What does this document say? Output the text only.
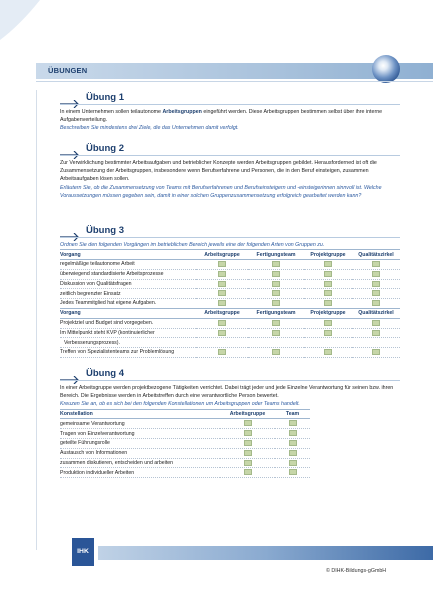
ÜBUNGEN
Übung 1
In einem Unternehmen sollen teilautonome Arbeitsgruppen eingeführt werden. Diese Arbeitsgruppen bestimmen selbst über ihre interne Aufgabenverteilung.
Beschreiben Sie mindestens drei Ziele, die das Unternehmen damit verfolgt.
Übung 2
Zur Verwirklichung bestimmter Arbeitsaufgaben und betrieblicher Konzepte werden Arbeitsgruppen gebildet. Herausforderned ist oft die Zusammensetzung der Arbeitsgruppen, insbesondere wenn Berufserfahrene und Personen, die in den Beruf einsteigen, zusammen Arbeitsaufgaben lösen sollen.
Erläutern Sie, ob die Zusammensetzung von Teams mit Berufserfahrenen und Berufseinsteigern und -einsteigerinnen sinnvoll ist. Welche Voraussetzungen müssen gegeben sein, damit in einer solchen Gruppenzusammensetzung erfolgreich gearbeitet werden kann?
Übung 3
Ordnen Sie den folgenden Vorgängen im betrieblichen Bereich jeweils eine der folgenden Arten von Gruppen zu.
Vorgang	Arbeitsgruppe	Fertigungsteam	Projektgruppe	Qualitätszirkel
regelmäßige teilautonome Arbeit				
überwiegend standardisierte Arbeitsprozesse				
Diskussion von Qualitätsfragen				
zeitlich begrenzter Einsatz				
Jedes Teammitglied hat eigene Aufgaben.				
Vorgang	Arbeitsgruppe	Fertigungsteam	Projektgruppe	Qualitätszirkel
Projektziel und Budget sind vorgegeben.				
Im Mittelpunkt steht KVP (kontinuierlicher				
Verbesserungsprozess).				
Treffen von Spezialistenteams zur Problemlösung				
Übung 4
In einer Arbeitsgruppe werden projektbezogene Tätigkeiten verrichtet. Dabei trägt jeder und jede Einzelne Verantwortung für seinen bzw. ihren Bereich. Die Ergebnisse werden in Arbeitstreffen durch eine verantwortliche Person bewertet.
Kreuzen Sie an, ob es sich bei den folgenden Konstellationen um Arbeitsgruppen oder Teams handelt.
Konstellation	Arbeitsgruppe	Team
gemeinsame Verantwortung		
Tragen von Einzelverantwortung		
geteilte Führungsrolle		
Austausch von Informationen		
zusammen diskutieren, entscheiden und arbeiten		
Produktion individueller Arbeiten		
IHK
© DIHK-Bildungs-gGmbH
